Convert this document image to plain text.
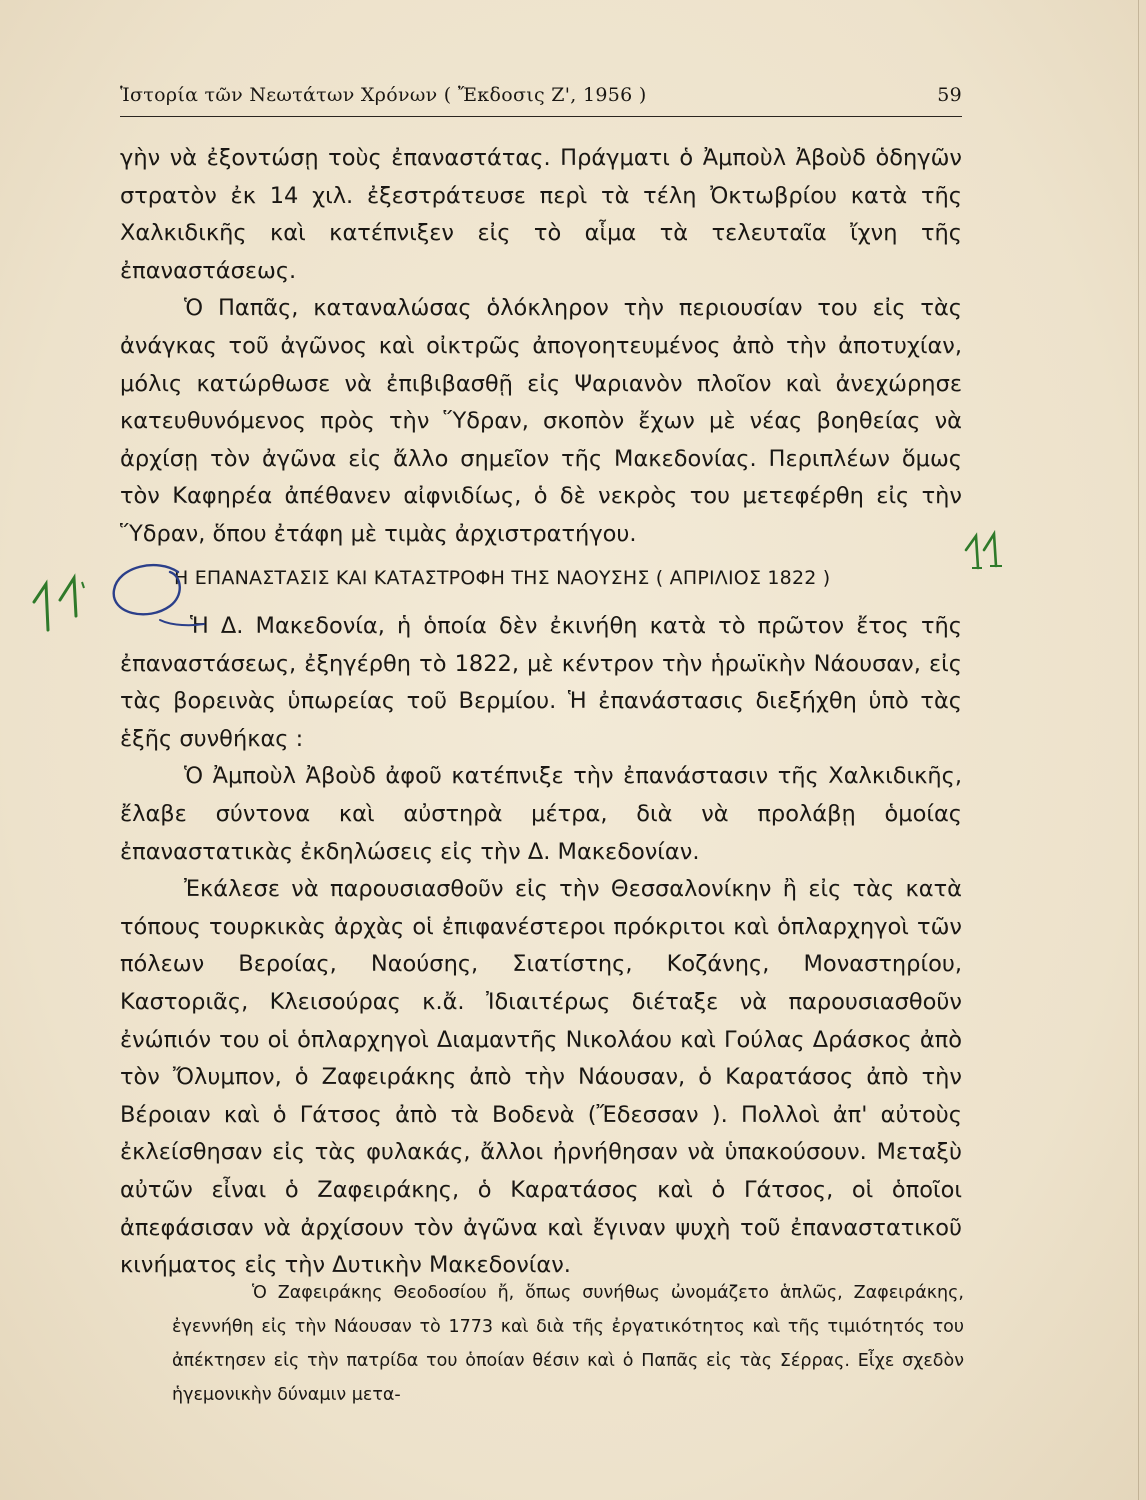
Ἱστορία τῶν Νεωτάτων Χρόνων ( Ἔκδοσις Ζ', 1956 )	59

γὴν νὰ ἐξοντώσῃ τοὺς ἐπαναστάτας. Πράγματι ὁ Ἀμποὺλ Ἀβοὺδ ὁδηγῶν στρατὸν ἐκ 14 χιλ. ἐξεστράτευσε περὶ τὰ τέλη Ὀκτωβρίου κατὰ τῆς Χαλκιδικῆς καὶ κατέπνιξεν εἰς τὸ αἷμα τὰ τελευταῖα ἴχνη τῆς ἐπαναστάσεως.

Ὁ Παπᾶς, καταναλώσας ὁλόκληρον τὴν περιουσίαν του εἰς τὰς ἀνάγκας τοῦ ἀγῶνος καὶ οἰκτρῶς ἀπογοητευμένος ἀπὸ τὴν ἀποτυχίαν, μόλις κατώρθωσε νὰ ἐπιβιβασθῇ εἰς Ψαριανὸν πλοῖον καὶ ἀνεχώρησε κατευθυνόμενος πρὸς τὴν Ὕδραν, σκοπὸν ἔχων μὲ νέας βοηθείας νὰ ἀρχίσῃ τὸν ἀγῶνα εἰς ἄλλο σημεῖον τῆς Μακεδονίας. Περιπλέων ὅμως τὸν Καφηρέα ἀπέθανεν αἰφνιδίως, ὁ δὲ νεκρὸς του μετεφέρθη εἰς τὴν Ὕδραν, ὅπου ἐτάφη μὲ τιμὰς ἀρχιστρατήγου.

Η ΕΠΑΝΑΣΤΑΣΙΣ ΚΑΙ ΚΑΤΑΣΤΡΟΦΗ ΤΗΣ ΝΑΟΥΣΗΣ ( ΑΠΡΙΛΙΟΣ 1822 )

Ἡ Δ. Μακεδονία, ἡ ὁποία δὲν ἐκινήθη κατὰ τὸ πρῶτον ἔτος τῆς ἐπαναστάσεως, ἐξηγέρθη τὸ 1822, μὲ κέντρον τὴν ἡρωϊκὴν Νάουσαν, εἰς τὰς βορεινὰς ὑπωρείας τοῦ Βερμίου. Ἡ ἐπανάστασις διεξήχθη ὑπὸ τὰς ἑξῆς συνθήκας :

Ὁ Ἀμποὺλ Ἀβοὺδ ἀφοῦ κατέπνιξε τὴν ἐπανάστασιν τῆς Χαλκιδικῆς, ἔλαβε σύντονα καὶ αὐστηρὰ μέτρα, διὰ νὰ προλάβῃ ὁμοίας ἐπαναστατικὰς ἐκδηλώσεις εἰς τὴν Δ. Μακεδονίαν.

Ἐκάλεσε νὰ παρουσιασθοῦν εἰς τὴν Θεσσαλονίκην ἢ εἰς τὰς κατὰ τόπους τουρκικὰς ἀρχὰς οἱ ἐπιφανέστεροι πρόκριτοι καὶ ὁπλαρχηγοὶ τῶν πόλεων Βεροίας, Ναούσης, Σιατίστης, Κοζάνης, Μοναστηρίου, Καστοριᾶς, Κλεισούρας κ.ἄ. Ἰδιαιτέρως διέταξε νὰ παρουσιασθοῦν ἐνώπιόν του οἱ ὁπλαρχηγοὶ Διαμαντῆς Νικολάου καὶ Γούλας Δράσκος ἀπὸ τὸν Ὄλυμπον, ὁ Ζαφειράκης ἀπὸ τὴν Νάουσαν, ὁ Καρατάσος ἀπὸ τὴν Βέροιαν καὶ ὁ Γάτσος ἀπὸ τὰ Βοδενὰ (Ἔδεσσαν ). Πολλοὶ ἀπ' αὐτοὺς ἐκλείσθησαν εἰς τὰς φυλακάς, ἄλλοι ἠρνήθησαν νὰ ὑπακούσουν. Μεταξὺ αὐτῶν εἶναι ὁ Ζαφειράκης, ὁ Καρατάσος καὶ ὁ Γάτσος, οἱ ὁποῖοι ἀπεφάσισαν νὰ ἀρχίσουν τὸν ἀγῶνα καὶ ἔγιναν ψυχὴ τοῦ ἐπαναστατικοῦ κινήματος εἰς τὴν Δυτικὴν Μακεδονίαν.

Ὁ Ζαφειράκης Θεοδοσίου ἤ, ὅπως συνήθως ὠνομάζετο ἁπλῶς, Ζαφειράκης, ἐγεννήθη εἰς τὴν Νάουσαν τὸ 1773 καὶ διὰ τῆς ἐργατικότητος καὶ τῆς τιμιότητός του ἀπέκτησεν εἰς τὴν πατρίδα του ὁποίαν θέσιν καὶ ὁ Παπᾶς εἰς τὰς Σέρρας. Εἶχε σχεδὸν ἡγεμονικὴν δύναμιν μετα-
